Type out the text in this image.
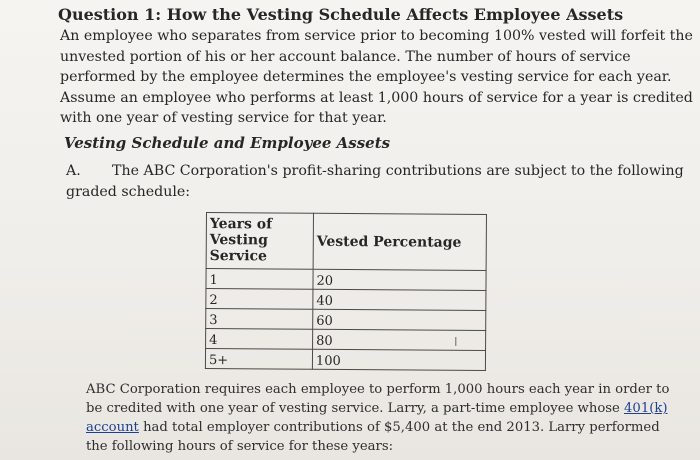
Question 1: How the Vesting Schedule Affects Employee Assets
An employee who separates from service prior to becoming 100% vested will forfeit the
unvested portion of his or her account balance. The number of hours of service
performed by the employee determines the employee's vesting service for each year.
Assume an employee who performs at least 1,000 hours of service for a year is credited
with one year of vesting service for that year.
Vesting Schedule and Employee Assets
A. The ABC Corporation's profit-sharing contributions are subject to the following
graded schedule:
Years of
Vesting
Service	Vested Percentage
1	20
2	40
3	60
4	80
5+	100
I
ABC Corporation requires each employee to perform 1,000 hours each year in order to
be credited with one year of vesting service. Larry, a part-time employee whose 401(k)
account had total employer contributions of $5,400 at the end 2013. Larry performed
the following hours of service for these years:
